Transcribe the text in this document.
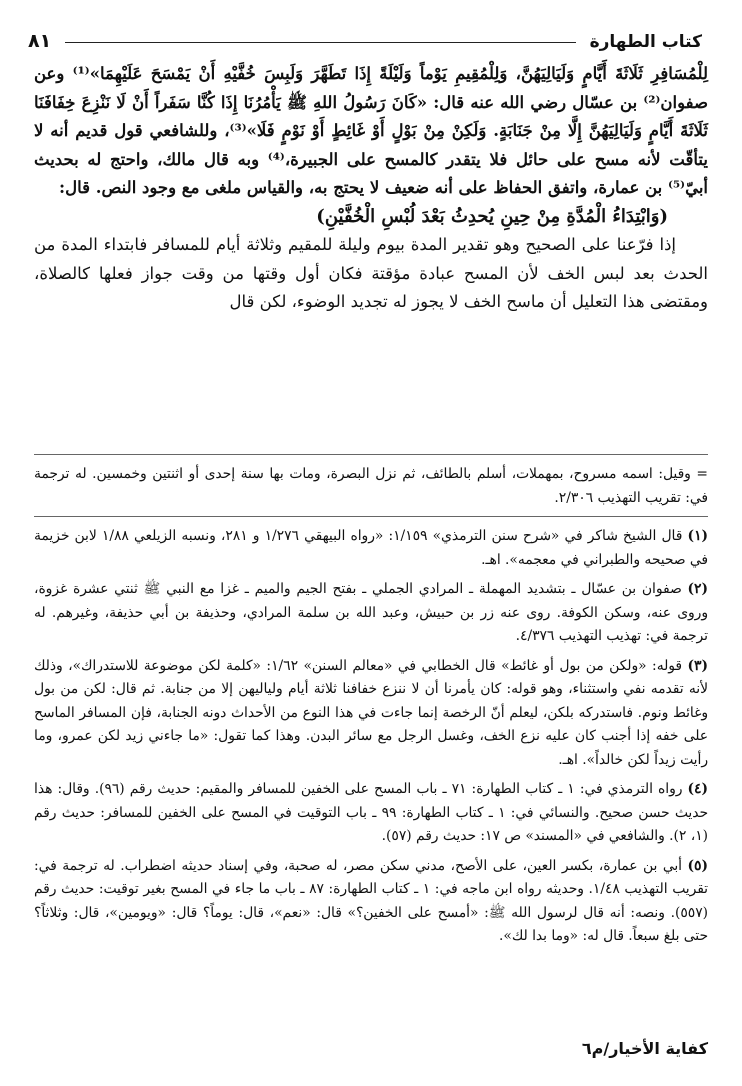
٨١	كتاب الطهارة

لِلْمُسَافِرِ ثَلَاثَةَ أَيَّامٍ وَلَيَالِيَهُنَّ، وَلِلْمُقِيمِ يَوْماً وَلَيْلَةً إِذَا تَطَهَّرَ وَلَبِسَ خُفَّيْهِ أَنْ يَمْسَحَ عَلَيْهِمَا»⁽¹⁾ وعن صفوان⁽²⁾ بن عسّال رضي الله عنه قال: «كَانَ رَسُولُ اللهِ ﷺ يَأْمُرُنَا إِذَا كُنَّا سَفَراً أَنْ لَا نَنْزِعَ خِفَافَنَا ثَلَاثَةَ أَيَّامٍ وَلَيَالِيَهُنَّ إِلَّا مِنْ جَنَابَةٍ. وَلَكِنْ مِنْ بَوْلٍ أَوْ غَائِطٍ أَوْ نَوْمٍ فَلَا»⁽³⁾، وللشافعي قول قديم أنه لا يتأقّت لأنه مسح على حائل فلا يتقدر كالمسح على الجبيرة،⁽⁴⁾ وبه قال مالك، واحتج له بحديث أبيّ⁽⁵⁾ بن عمارة، واتفق الحفاظ على أنه ضعيف لا يحتج به، والقياس ملغى مع وجود النص. قال:

(وَابْتِدَاءُ الْمُدَّةِ مِنْ حِينِ يُحدِثُ بَعْدَ لُبْسِ الْخُفَّيْنِ)

إذا فرّعنا على الصحيح وهو تقدير المدة بيوم وليلة للمقيم وثلاثة أيام للمسافر فابتداء المدة من الحدث بعد لبس الخف لأن المسح عبادة مؤقتة فكان أول وقتها من وقت جواز فعلها كالصلاة، ومقتضى هذا التعليل أن ماسح الخف لا يجوز له تجديد الوضوء، لكن قال

= وقيل: اسمه مسروح، بمهملات، أسلم بالطائف، ثم نزل البصرة، ومات بها سنة إحدى أو اثنتين وخمسين. له ترجمة في: تقريب التهذيب ٢/٣٠٦.

(١) قال الشيخ شاكر في «شرح سنن الترمذي» ١/١٥٩: «رواه البيهقي ١/٢٧٦ و ٢٨١، ونسبه الزيلعي ١/٨٨ لابن خزيمة في صحيحه والطبراني في معجمه». اهـ.

(٢) صفوان بن عسّال ـ بتشديد المهملة ـ المرادي الجملي ـ بفتح الجيم والميم ـ غزا مع النبي ﷺ ثنتي عشرة غزوة، وروى عنه، وسكن الكوفة. روى عنه زر بن حبيش، وعبد الله بن سلمة المرادي، وحذيفة بن أبي حذيفة، وغيرهم. له ترجمة في: تهذيب التهذيب ٤/٣٧٦.

(٣) قوله: «ولكن من بول أو غائط» قال الخطابي في «معالم السنن» ١/٦٢: «كلمة لكن موضوعة للاستدراك»، وذلك لأنه تقدمه نفي واستثناء، وهو قوله: كان يأمرنا أن لا ننزع خفافنا ثلاثة أيام ولياليهن إلا من جنابة. ثم قال: لكن من بول وغائط ونوم. فاستدركه بلكن، ليعلم أنّ الرخصة إنما جاءت في هذا النوع من الأحداث دونه الجنابة، فإن المسافر الماسح على خفه إذا أجنب كان عليه نزع الخف، وغسل الرجل مع سائر البدن. وهذا كما تقول: «ما جاءني زيد لكن عمرو، وما رأيت زيداً لكن خالداً». اهـ.

(٤) رواه الترمذي في: ١ ـ كتاب الطهارة: ٧١ ـ باب المسح على الخفين للمسافر والمقيم: حديث رقم (٩٦). وقال: هذا حديث حسن صحيح. والنسائي في: ١ ـ كتاب الطهارة: ٩٩ ـ باب التوقيت في المسح على الخفين للمسافر: حديث رقم (١، ٢). والشافعي في «المسند» ص ١٧: حديث رقم (٥٧).

(٥) أبي بن عمارة، بكسر العين، على الأصح، مدني سكن مصر، له صحبة، وفي إسناد حديثه اضطراب. له ترجمة في: تقريب التهذيب ١/٤٨. وحديثه رواه ابن ماجه في: ١ ـ كتاب الطهارة: ٨٧ ـ باب ما جاء في المسح بغير توقيت: حديث رقم (٥٥٧). ونصه: أنه قال لرسول الله ﷺ: «أمسح على الخفين؟» قال: «نعم»، قال: يوماً؟ قال: «ويومين»، قال: وثلاثاً؟ حتى بلغ سبعاً. قال له: «وما بدا لك».

كفاية الأخيار/م٦
